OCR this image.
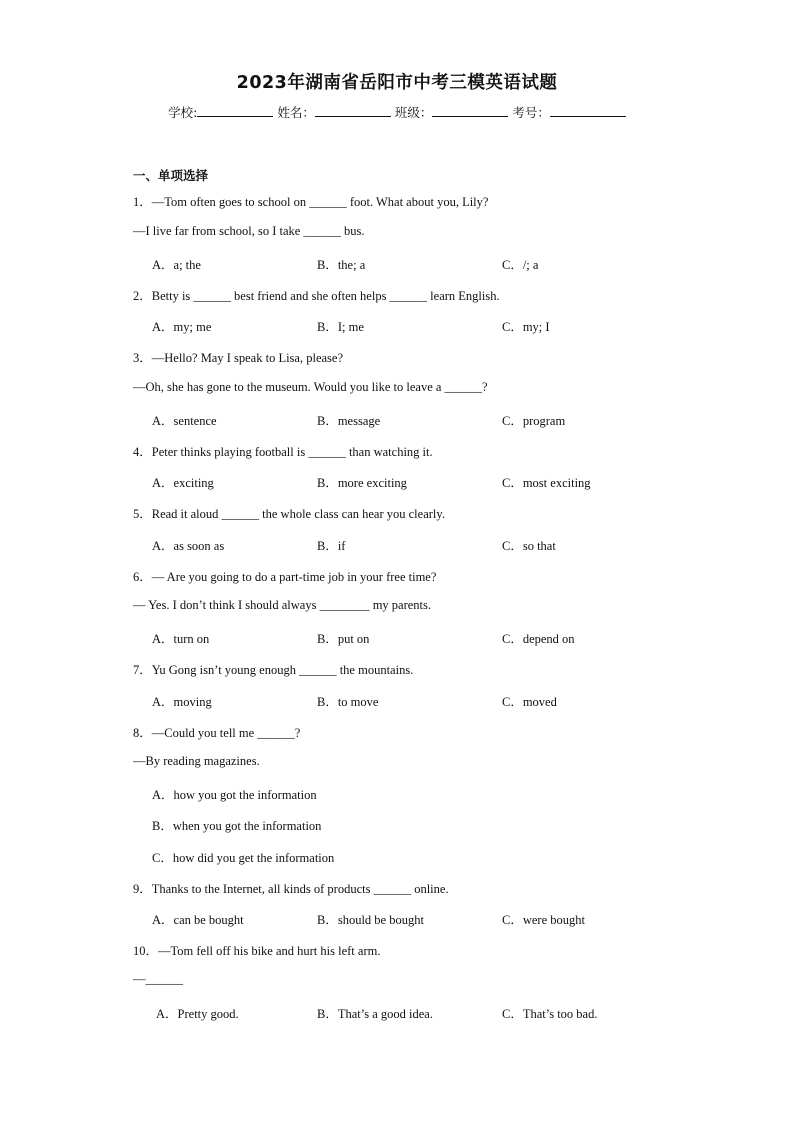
2023年湖南省岳阳市中考三模英语试题
学校:	姓名：	班级：	考号：
一、单项选择
1．—Tom often goes to school on ______ foot. What about you, Lily?
—I live far from school, so I take ______ bus.
A．a; the	B．the; a	C．/; a
2．Betty is ______ best friend and she often helps ______ learn English.
A．my; me	B．I; me	C．my; I
3．—Hello? May I speak to Lisa, please?
—Oh, she has gone to the museum. Would you like to leave a ______?
A．sentence	B．message	C．program
4．Peter thinks playing football is ______ than watching it.
A．exciting	B．more exciting	C．most exciting
5．Read it aloud ______ the whole class can hear you clearly.
A．as soon as	B．if	C．so that
6．— Are you going to do a part-time job in your free time?
— Yes. I don’t think I should always ________ my parents.
A．turn on	B．put on	C．depend on
7．Yu Gong isn’t young enough ______ the mountains.
A．moving	B．to move	C．moved
8．—Could you tell me ______?
—By reading magazines.
A．how you got the information
B．when you got the information
C．how did you get the information
9．Thanks to the Internet, all kinds of products ______ online.
A．can be bought	B．should be bought	C．were bought
10．—Tom fell off his bike and hurt his left arm.
—______
A．Pretty good.	B．That’s a good idea.	C．That’s too bad.
